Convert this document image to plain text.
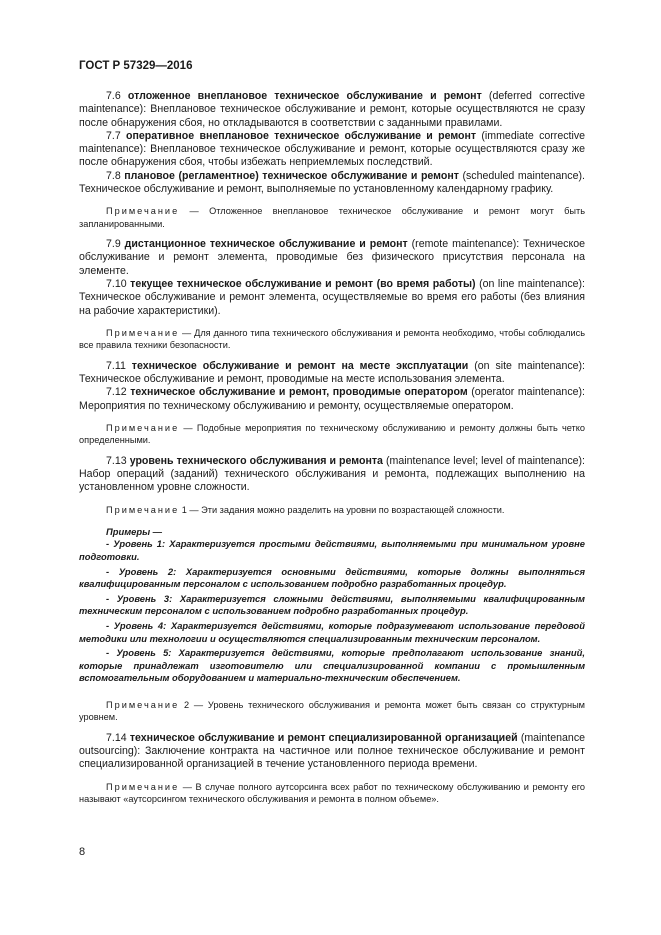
ГОСТ Р 57329—2016

7.6 отложенное внеплановое техническое обслуживание и ремонт (deferred corrective maintenance): Внеплановое техническое обслуживание и ремонт, которые осуществляются не сразу после обнаружения сбоя, но откладываются в соответствии с заданными правилами.

7.7 оперативное внеплановое техническое обслуживание и ремонт (immediate corrective maintenance): Внеплановое техническое обслуживание и ремонт, которые осуществляются сразу же после обнаружения сбоя, чтобы избежать неприемлемых последствий.

7.8 плановое (регламентное) техническое обслуживание и ремонт (scheduled maintenance). Техническое обслуживание и ремонт, выполняемые по установленному календарному графику.

Примечание — Отложенное внеплановое техническое обслуживание и ремонт могут быть запланированными.

7.9 дистанционное техническое обслуживание и ремонт (remote maintenance): Техническое обслуживание и ремонт элемента, проводимые без физического присутствия персонала на элементе.

7.10 текущее техническое обслуживание и ремонт (во время работы) (on line maintenance): Техническое обслуживание и ремонт элемента, осуществляемые во время его работы (без влияния на рабочие характеристики).

Примечание — Для данного типа технического обслуживания и ремонта необходимо, чтобы соблюдались все правила техники безопасности.

7.11 техническое обслуживание и ремонт на месте эксплуатации (on site maintenance): Техническое обслуживание и ремонт, проводимые на месте использования элемента.

7.12 техническое обслуживание и ремонт, проводимые оператором (operator maintenance): Мероприятия по техническому обслуживанию и ремонту, осуществляемые оператором.

Примечание — Подобные мероприятия по техническому обслуживанию и ремонту должны быть четко определенными.

7.13 уровень технического обслуживания и ремонта (maintenance level; level of maintenance): Набор операций (заданий) технического обслуживания и ремонта, подлежащих выполнению на установленном уровне сложности.

Примечание 1 — Эти задания можно разделить на уровни по возрастающей сложности.

Примеры —

- Уровень 1: Характеризуется простыми действиями, выполняемыми при минимальном уровне подготовки.

- Уровень 2: Характеризуется основными действиями, которые должны выполняться квалифицированным персоналом с использованием подробно разработанных процедур.

- Уровень 3: Характеризуется сложными действиями, выполняемыми квалифицированным техническим персоналом с использованием подробно разработанных процедур.

- Уровень 4: Характеризуется действиями, которые подразумевают использование передовой методики или технологии и осуществляются специализированным техническим персоналом.

- Уровень 5: Характеризуется действиями, которые предполагают использование знаний, которые принадлежат изготовителю или специализированной компании с промышленным вспомогательным оборудованием и материально-техническим обеспечением.

Примечание 2 — Уровень технического обслуживания и ремонта может быть связан со структурным уровнем.

7.14 техническое обслуживание и ремонт специализированной организацией (maintenance outsourcing): Заключение контракта на частичное или полное техническое обслуживание и ремонт специализированной организацией в течение установленного периода времени.

Примечание — В случае полного аутсорсинга всех работ по техническому обслуживанию и ремонту его называют «аутсорсингом технического обслуживания и ремонта в полном объеме».

8
